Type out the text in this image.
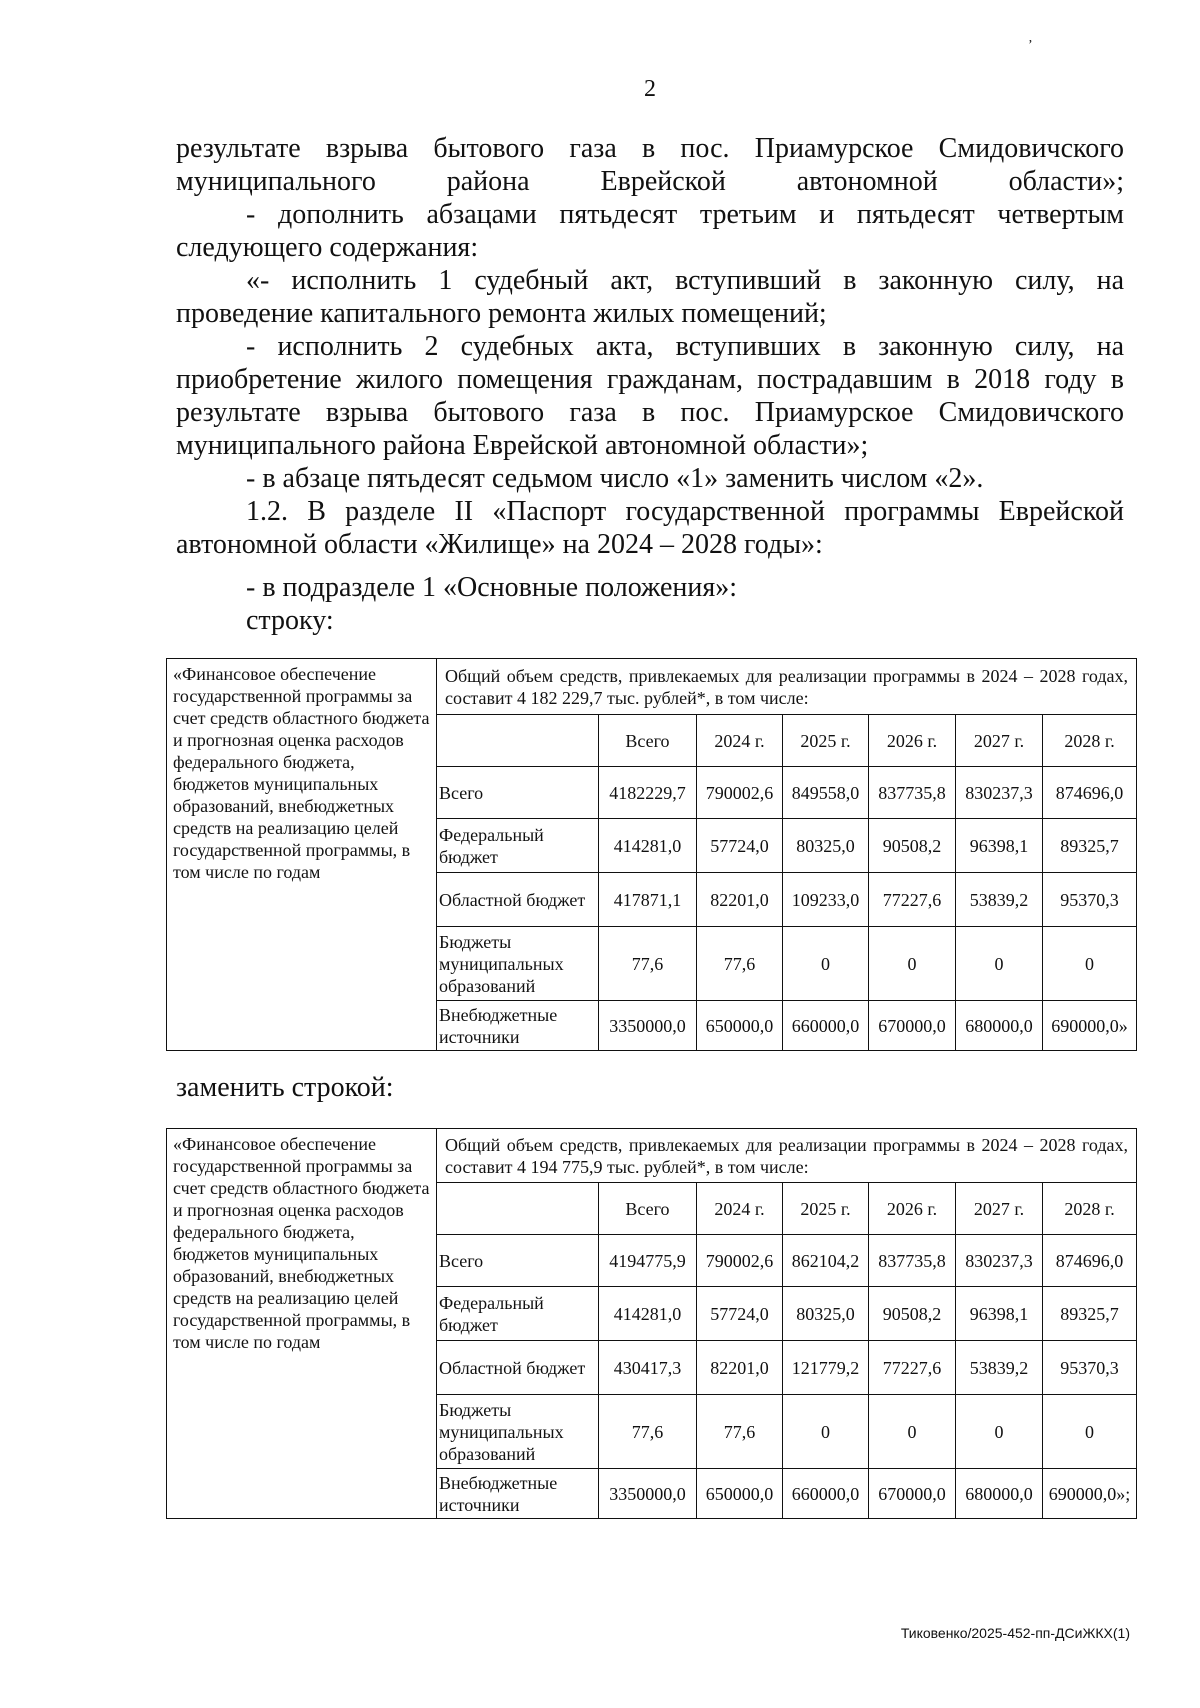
2
’

результате взрыва бытового газа в пос. Приамурское Смидовичского муниципального района Еврейской автономной области»;

- дополнить абзацами пятьдесят третьим и пятьдесят четвертым следующего содержания:

«- исполнить 1 судебный акт, вступивший в законную силу, на проведение капитального ремонта жилых помещений;

- исполнить 2 судебных акта, вступивших в законную силу, на приобретение жилого помещения гражданам, пострадавшим в 2018 году в результате взрыва бытового газа в пос. Приамурское Смидовичского муниципального района Еврейской автономной области»;

- в абзаце пятьдесят седьмом число «1» заменить числом «2».

1.2. В разделе II «Паспорт государственной программы Еврейской автономной области «Жилище» на 2024 – 2028 годы»:

- в подразделе 1 «Основные положения»:

строку:

«Финансовое обеспечение государственной программы за счет средств областного бюджета и прогнозная оценка расходов федерального бюджета, бюджетов муниципальных образований, внебюджетных средств на реализацию целей государственной программы, в том числе по годам	Общий объем средств, привлекаемых для реализации программы в 2024 – 2028 годах, составит 4 182 229,7 тыс. рублей*, в том числе:						
		Всего	2024 г.	2025 г.	2026 г.	2027 г.	2028 г.
	Всего	4182229,7	790002,6	849558,0	837735,8	830237,3	874696,0
	Федеральный бюджет	414281,0	57724,0	80325,0	90508,2	96398,1	89325,7
	Областной бюджет	417871,1	82201,0	109233,0	77227,6	53839,2	95370,3
	Бюджеты муниципальных образований	77,6	77,6	0	0	0	0
	Внебюджетные источники	3350000,0	650000,0	660000,0	670000,0	680000,0	690000,0»
заменить строкой:
«Финансовое обеспечение государственной программы за счет средств областного бюджета и прогнозная оценка расходов федерального бюджета, бюджетов муниципальных образований, внебюджетных средств на реализацию целей государственной программы, в том числе по годам	Общий объем средств, привлекаемых для реализации программы в 2024 – 2028 годах, составит 4 194 775,9 тыс. рублей*, в том числе:						
		Всего	2024 г.	2025 г.	2026 г.	2027 г.	2028 г.
	Всего	4194775,9	790002,6	862104,2	837735,8	830237,3	874696,0
	Федеральный бюджет	414281,0	57724,0	80325,0	90508,2	96398,1	89325,7
	Областной бюджет	430417,3	82201,0	121779,2	77227,6	53839,2	95370,3
	Бюджеты муниципальных образований	77,6	77,6	0	0	0	0
	Внебюджетные источники	3350000,0	650000,0	660000,0	670000,0	680000,0	690000,0»;
Тиковенко/2025-452-пп-ДСиЖКХ(1)
